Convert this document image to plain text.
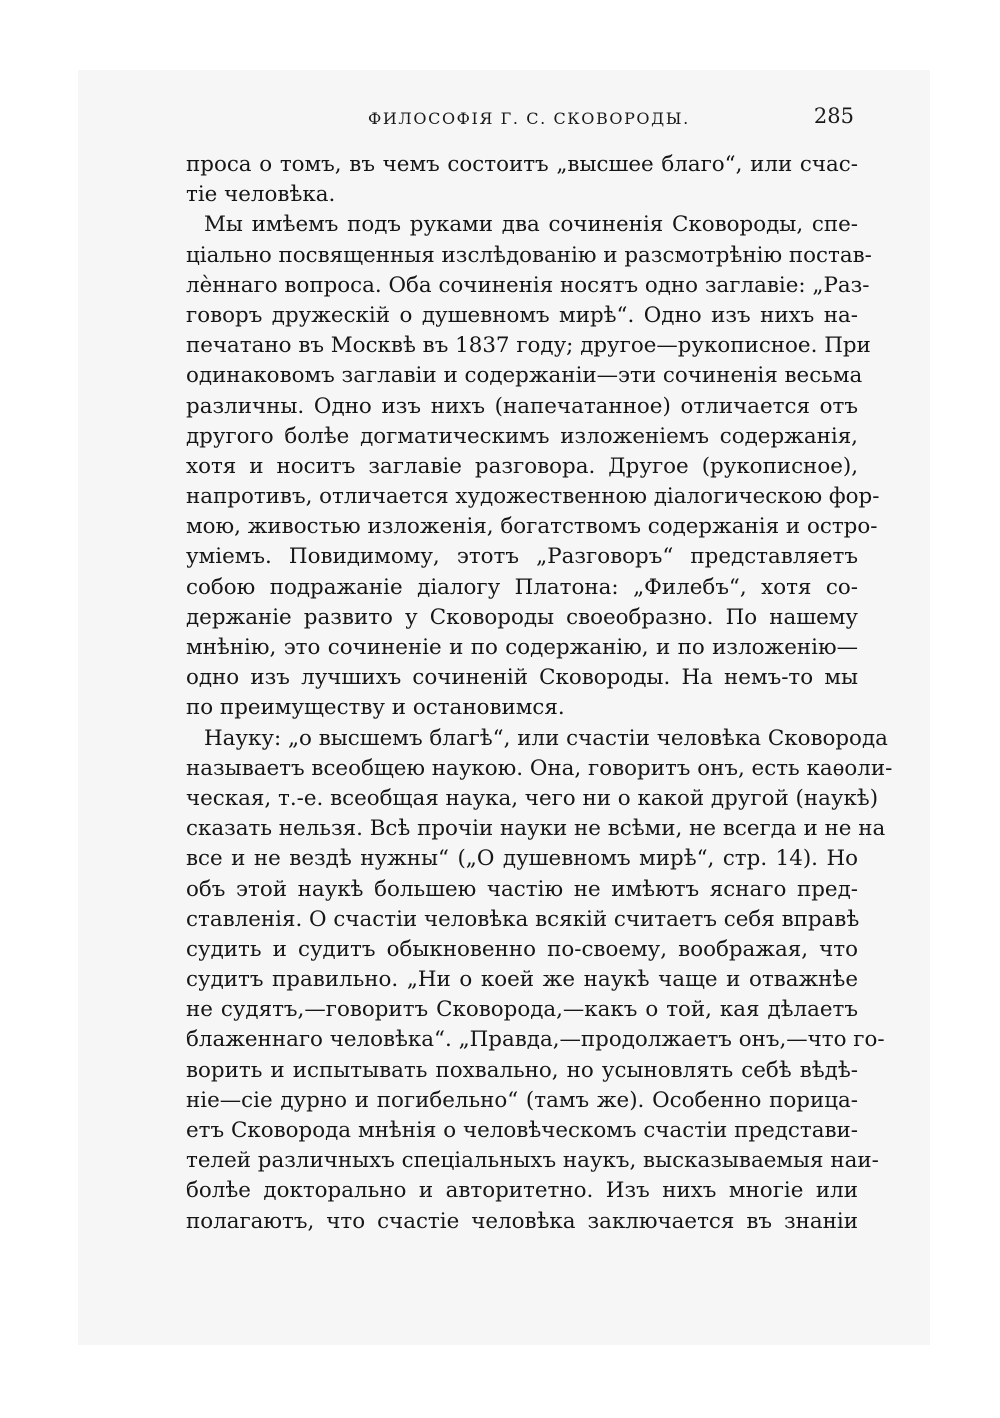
ФИЛОСОФІЯ Г. С. СКОВОРОДЫ.	285
проса о томъ, въ чемъ состоитъ „высшее благо“, или счас-
тіе человѣка.
Мы имѣемъ подъ руками два сочиненія Сковороды, спе-
ціально посвященныя изслѣдованію и разсмотрѣнію постав-
лѐннаго вопроса. Оба сочиненія носятъ одно заглавіе: „Раз-
говоръ дружескій о душевномъ мирѣ“. Одно изъ нихъ на-
печатано въ Москвѣ въ 1837 году; другое—рукописное. При
одинаковомъ заглавіи и содержаніи—эти сочиненія весьма
различны. Одно изъ нихъ (напечатанное) отличается отъ
другого болѣе догматическимъ изложеніемъ содержанія,
хотя и носитъ заглавіе разговора. Другое (рукописное),
напротивъ, отличается художественною діалогическою фор-
мою, живостью изложенія, богатствомъ содержанія и остро-
уміемъ. Повидимому, этотъ „Разговоръ“ представляетъ
собою подражаніе діалогу Платона: „Филебъ“, хотя со-
держаніе развито у Сковороды своеобразно. По нашему
мнѣнію, это сочиненіе и по содержанію, и по изложенію—
одно изъ лучшихъ сочиненій Сковороды. На немъ-то мы
по преимуществу и остановимся.
Науку: „о высшемъ благѣ“, или счастіи человѣка Сковорода
называетъ всеобщею наукою. Она, говоритъ онъ, есть каѳоли-
ческая, т.-е. всеобщая наука, чего ни о какой другой (наукѣ)
сказать нельзя. Всѣ прочіи науки не всѣми, не всегда и не на
все и не вездѣ нужны“ („О душевномъ мирѣ“, стр. 14). Но
объ этой наукѣ большею частію не имѣютъ яснаго пред-
ставленія. О счастіи человѣка всякій считаетъ себя вправѣ
судить и судитъ обыкновенно по-своему, воображая, что
судитъ правильно. „Ни о коей же наукѣ чаще и отважнѣе
не судятъ,—говоритъ Сковорода,—какъ о той, кая дѣлаетъ
блаженнаго человѣка“. „Правда,—продолжаетъ онъ,—что го-
ворить и испытывать похвально, но усыновлять себѣ вѣдѣ-
ніе—сіе дурно и погибельно“ (тамъ же). Особенно порица-
етъ Сковорода мнѣнія о человѣческомъ счастіи представи-
телей различныхъ спеціальныхъ наукъ, высказываемыя наи-
болѣе докторально и авторитетно. Изъ нихъ многіе или
полагаютъ, что счастіе человѣка заключается въ знаніи
